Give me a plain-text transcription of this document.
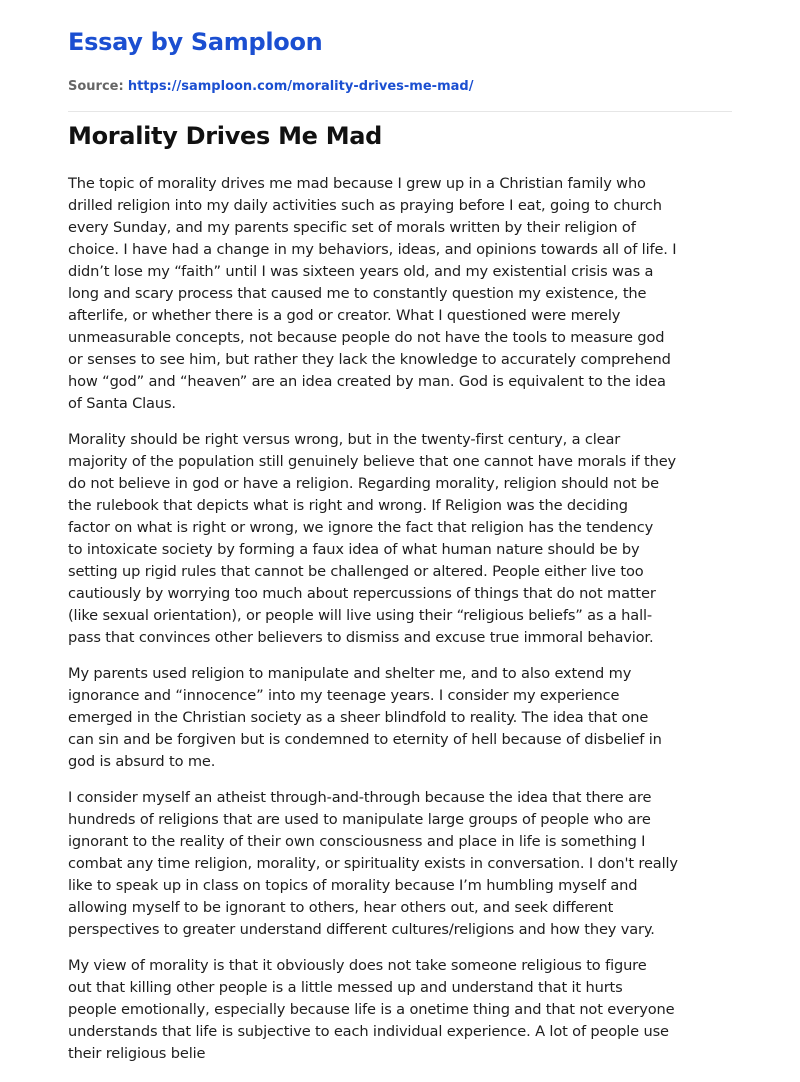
Essay by Samploon
Source: https://samploon.com/morality-drives-me-mad/
Morality Drives Me Mad

The topic of morality drives me mad because I grew up in a Christian family who
drilled religion into my daily activities such as praying before I eat, going to church
every Sunday, and my parents specific set of morals written by their religion of
choice. I have had a change in my behaviors, ideas, and opinions towards all of life. I
didn’t lose my “faith” until I was sixteen years old, and my existential crisis was a
long and scary process that caused me to constantly question my existence, the
afterlife, or whether there is a god or creator. What I questioned were merely
unmeasurable concepts, not because people do not have the tools to measure god
or senses to see him, but rather they lack the knowledge to accurately comprehend
how “god” and “heaven” are an idea created by man. God is equivalent to the idea
of Santa Claus.

Morality should be right versus wrong, but in the twenty-first century, a clear
majority of the population still genuinely believe that one cannot have morals if they
do not believe in god or have a religion. Regarding morality, religion should not be
the rulebook that depicts what is right and wrong. If Religion was the deciding
factor on what is right or wrong, we ignore the fact that religion has the tendency
to intoxicate society by forming a faux idea of what human nature should be by
setting up rigid rules that cannot be challenged or altered. People either live too
cautiously by worrying too much about repercussions of things that do not matter
(like sexual orientation), or people will live using their “religious beliefs” as a hall-
pass that convinces other believers to dismiss and excuse true immoral behavior.

My parents used religion to manipulate and shelter me, and to also extend my
ignorance and “innocence” into my teenage years. I consider my experience
emerged in the Christian society as a sheer blindfold to reality. The idea that one
can sin and be forgiven but is condemned to eternity of hell because of disbelief in
god is absurd to me.

I consider myself an atheist through-and-through because the idea that there are
hundreds of religions that are used to manipulate large groups of people who are
ignorant to the reality of their own consciousness and place in life is something I
combat any time religion, morality, or spirituality exists in conversation. I don't really
like to speak up in class on topics of morality because I’m humbling myself and
allowing myself to be ignorant to others, hear others out, and seek different
perspectives to greater understand different cultures/religions and how they vary.

My view of morality is that it obviously does not take someone religious to figure
out that killing other people is a little messed up and understand that it hurts
people emotionally, especially because life is a onetime thing and that not everyone
understands that life is subjective to each individual experience. A lot of people use
their religious belie
